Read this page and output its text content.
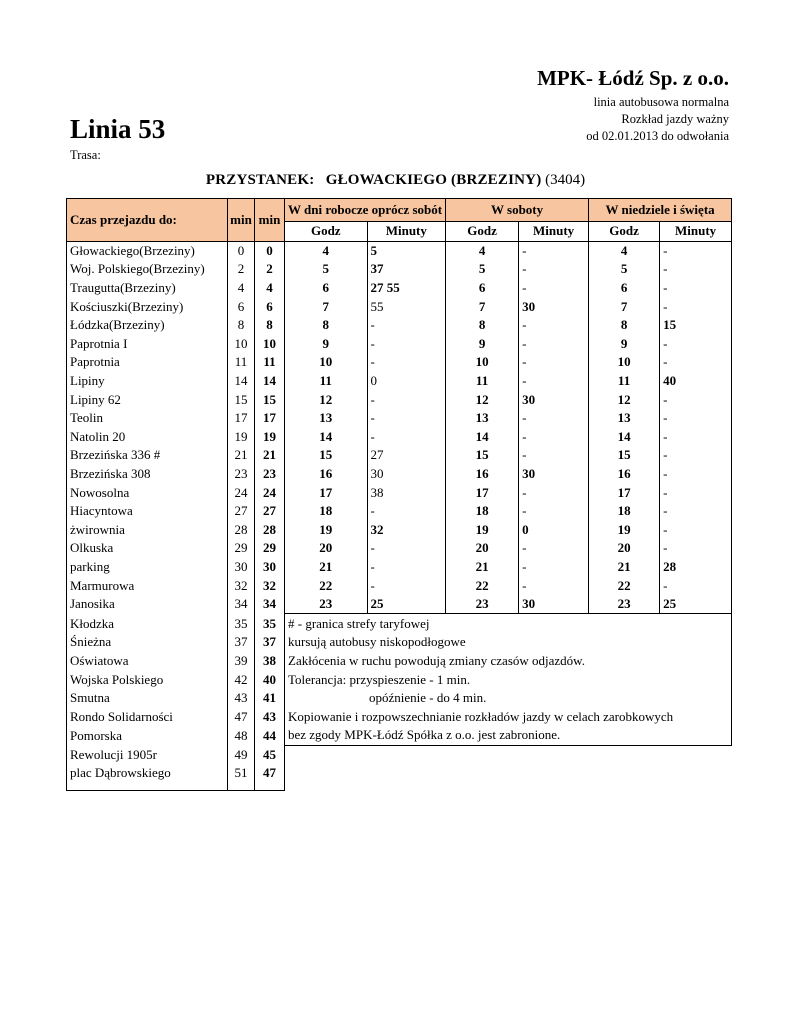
MPK- Łódź Sp. z o.o.
linia autobusowa normalna
Rozkład jazdy ważny
od 02.01.2013 do odwołania
Linia 53
Trasa:
PRZYSTANEK: GŁOWACKIEGO (BRZEZINY) (3404)
Czas przejazdu do:	min	min	W dni robocze oprócz sobót		W soboty		W niedziele i święta	
			Godz	Minuty	Godz	Minuty	Godz	Minuty
Głowackiego(Brzeziny)	0	0	4	5	4	-	4	-
Woj. Polskiego(Brzeziny)	2	2	5	37	5	-	5	-
Traugutta(Brzeziny)	4	4	6	27 55	6	-	6	-
Kościuszki(Brzeziny)	6	6	7	55	7	30	7	-
Łódzka(Brzeziny)	8	8	8	-	8	-	8	15
Paprotnia I	10	10	9	-	9	-	9	-
Paprotnia	11	11	10	-	10	-	10	-
Lipiny	14	14	11	0	11	-	11	40
Lipiny 62	15	15	12	-	12	30	12	-
Teolin	17	17	13	-	13	-	13	-
Natolin 20	19	19	14	-	14	-	14	-
Brzezińska 336 #	21	21	15	27	15	-	15	-
Brzezińska 308	23	23	16	30	16	30	16	-
Nowosolna	24	24	17	38	17	-	17	-
Hiacyntowa	27	27	18	-	18	-	18	-
żwirownia	28	28	19	32	19	0	19	-
Olkuska	29	29	20	-	20	-	20	-
parking	30	30	21	-	21	-	21	28
Marmurowa	32	32	22	-	22	-	22	-
Janosika	34	34	23	25	23	30	23	25
Kłodzka	35	35	# - granica strefy taryfowej					
Śnieżna	37	37	kursują autobusy niskopodłogowe					
Oświatowa	39	38	Zakłócenia w ruchu powodują zmiany czasów odjazdów.					
Wojska Polskiego	42	40	Tolerancja: przyspieszenie - 1 min.					
Smutna	43	41	opóźnienie - do 4 min.					
Rondo Solidarności	47	43	Kopiowanie i rozpowszechnianie rozkładów jazdy w celach zarobkowych					
Pomorska	48	44	bez zgody MPK-Łódź Spółka z o.o. jest zabronione.					
Rewolucji 1905r	49	45						
plac Dąbrowskiego	51	47						
